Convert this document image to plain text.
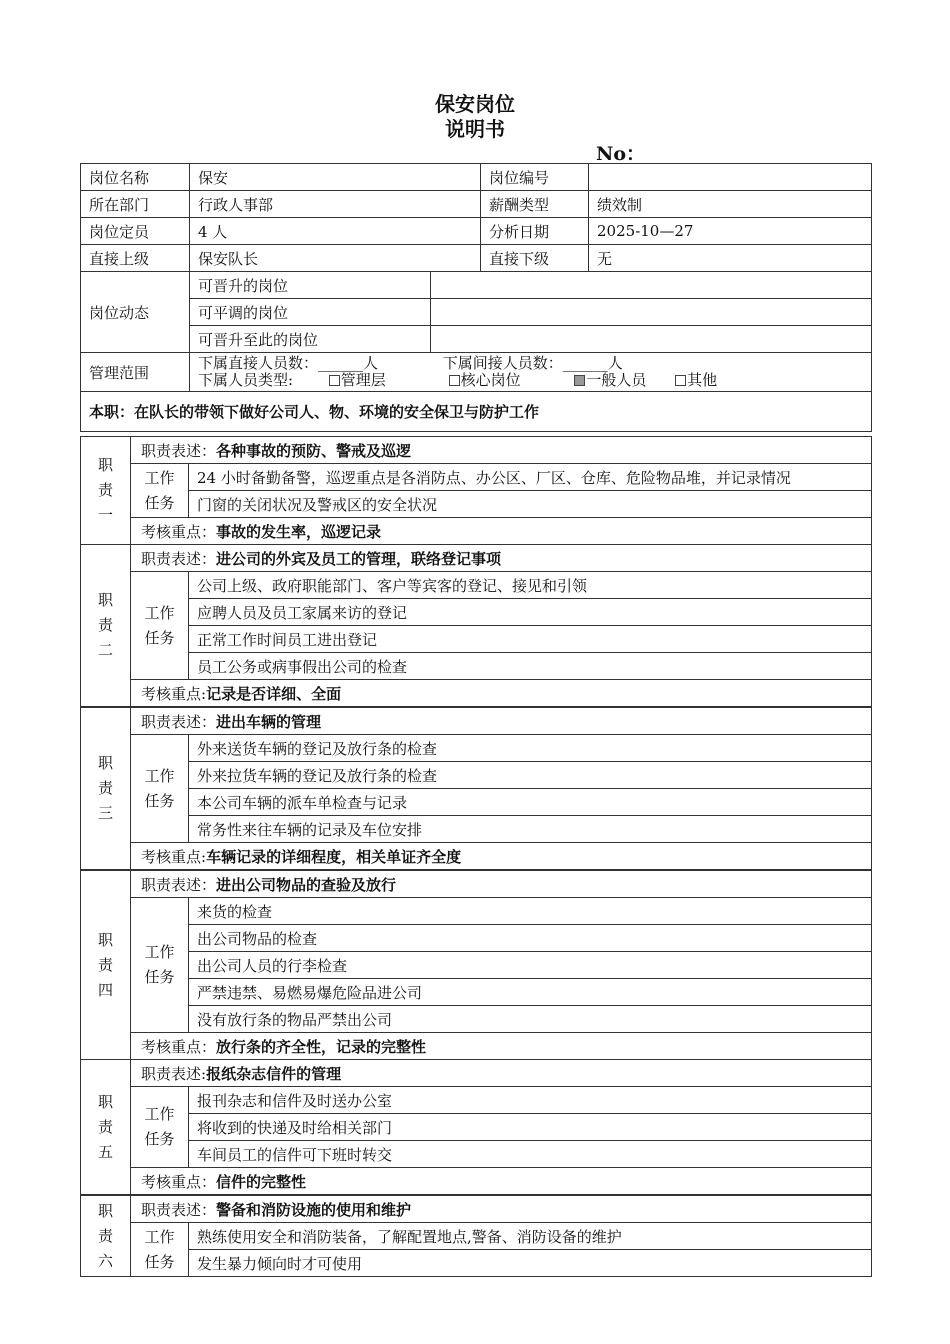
保安岗位
说明书
No：
岗位名称	保安		岗位编号	
所在部门	行政人事部		薪酬类型	绩效制
岗位定员	4 人		分析日期	2025-10—27
直接上级	保安队长		直接下级	无
岗位动态	可晋升的岗位			
	可平调的岗位			
	可晋升至此的岗位			
管理范围	下属直接人员数：______人 下属间接人员数：______人
下属人员类型: 管理层 核心岗位 一般人员 其他			

本职：在队长的带领下做好公司人、物、环境的安全保卫与防护工作				
职
责
一	职责表述：各种事故的预防、警戒及巡逻	

	工作
任务	24 小时备勤备警，巡逻重点是各消防点、办公区、厂区、仓库、危险物品堆，并记录情况
		门窗的关闭状况及警戒区的安全状况
	考核重点：事故的发生率，巡逻记录	
职
责
二	职责表述：进公司的外宾及员工的管理，联络登记事项	

	工作
任务	公司上级、政府职能部门、客户等宾客的登记、接见和引领
		应聘人员及员工家属来访的登记
		正常工作时间员工进出登记
		员工公务或病事假出公司的检查
	考核重点:记录是否详细、全面	
职
责
三	职责表述：进出车辆的管理	

	工作
任务	外来送货车辆的登记及放行条的检查
		外来拉货车辆的登记及放行条的检查
		本公司车辆的派车单检查与记录
		常务性来往车辆的记录及车位安排
	考核重点:车辆记录的详细程度，相关单证齐全度	
职
责
四	职责表述：进出公司物品的查验及放行	

	工作
任务	来货的检查
		出公司物品的检查
		出公司人员的行李检查
		严禁违禁、易燃易爆危险品进公司
		没有放行条的物品严禁出公司
	考核重点：放行条的齐全性，记录的完整性	
职
责
五	职责表述:报纸杂志信件的管理	

	工作
任务	报刊杂志和信件及时送办公室
		将收到的快递及时给相关部门
		车间员工的信件可下班时转交
	考核重点：信件的完整性	
职
责
六	职责表述：警备和消防设施的使用和维护	

	工作
任务	熟练使用安全和消防装备，了解配置地点,警备、消防设备的维护
		发生暴力倾向时才可使用
